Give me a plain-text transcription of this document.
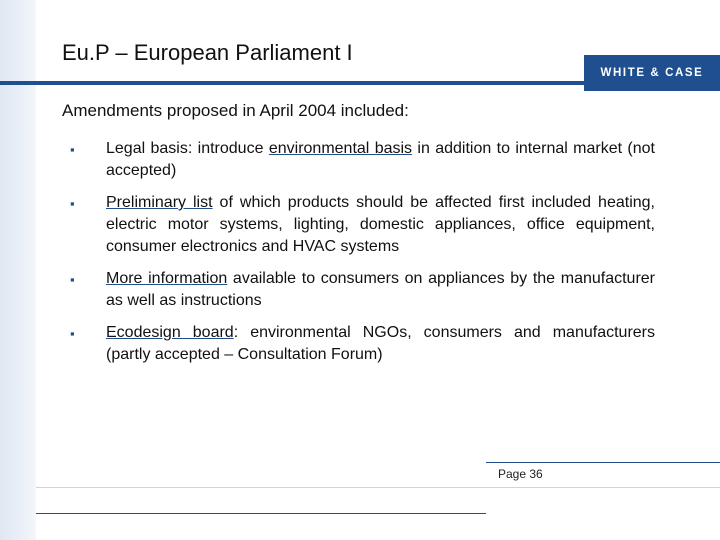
Eu.P – European Parliament I
WHITE & CASE
Amendments proposed in April 2004 included:
▪ Legal basis: introduce environmental basis in addition to internal market (not accepted)
▪ Preliminary list of which products should be affected first included heating, electric motor systems, lighting, domestic appliances, office equipment, consumer electronics and HVAC systems
▪ More information available to consumers on appliances by the manufacturer as well as instructions
▪ Ecodesign board: environmental NGOs, consumers and manufacturers (partly accepted – Consultation Forum)
Page 36
